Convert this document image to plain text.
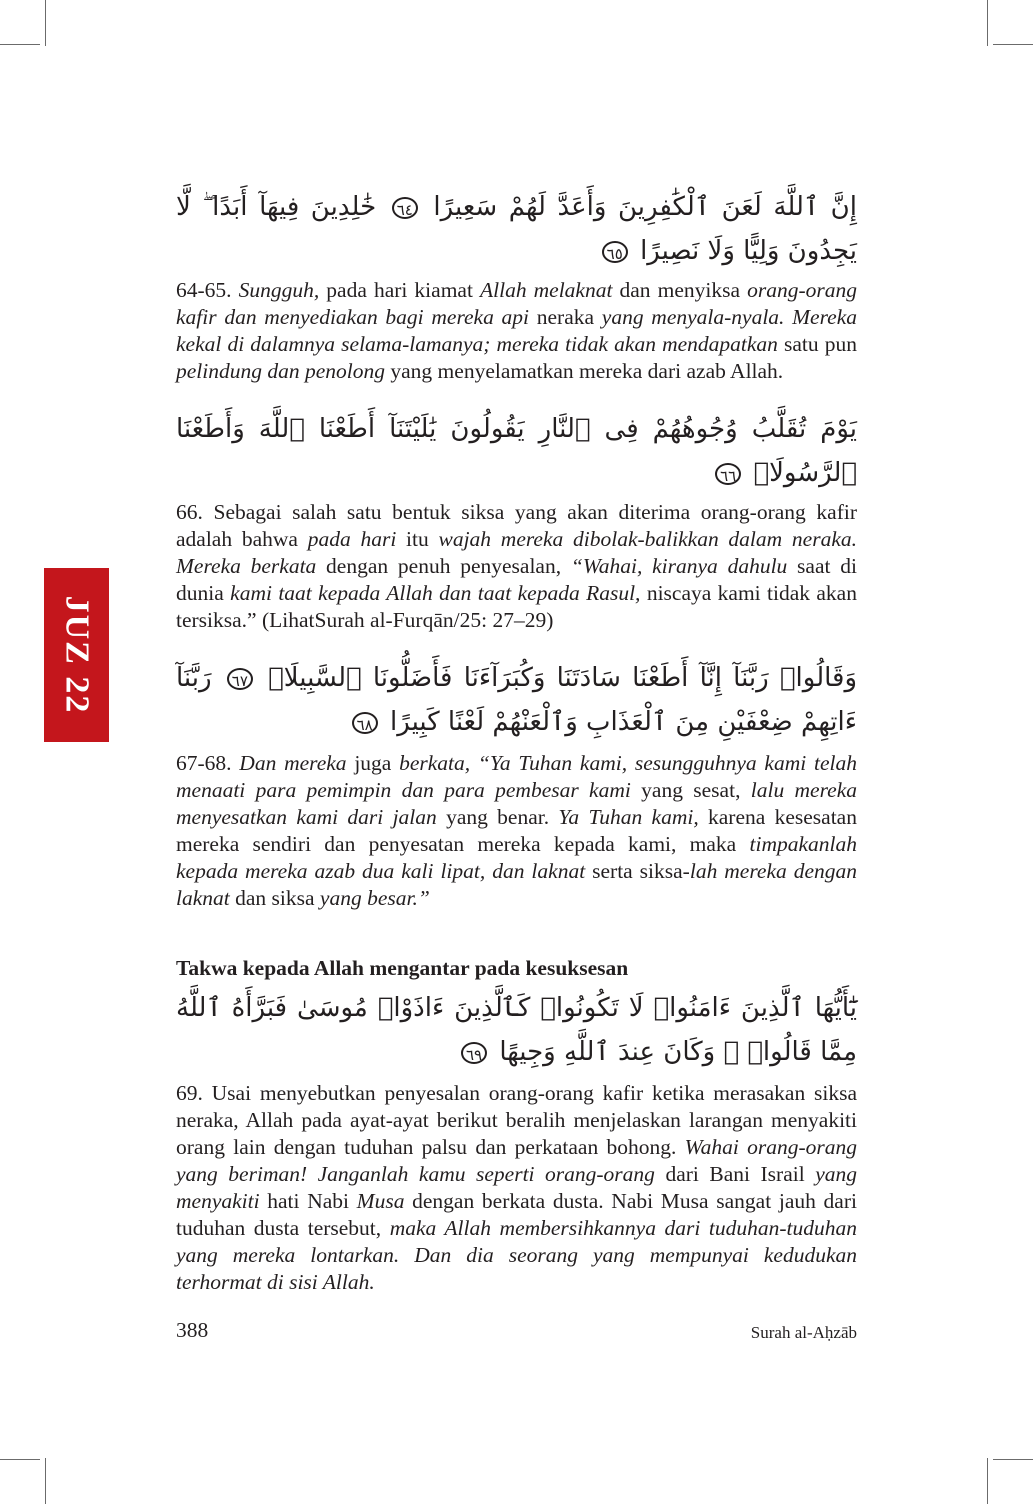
JUZ 22
إِنَّ ٱللَّهَ لَعَنَ ٱلْكَٰفِرِينَ وَأَعَدَّ لَهُمْ سَعِيرًا ٦٤ خَٰلِدِينَ فِيهَآ أَبَدًا ۖ لَّا يَجِدُونَ وَلِيًّا وَلَا نَصِيرًا ٦٥

64-65. Sungguh, pada hari kiamat Allah melaknat dan menyiksa orang-orang kafir dan menyediakan bagi mereka api neraka yang menyala-nyala. Mereka kekal di dalamnya selama-lamanya; mereka tidak akan mendapatkan satu pun pelindung dan penolong yang menyelamatkan mereka dari azab Allah.

يَوْمَ تُقَلَّبُ وُجُوهُهُمْ فِى ٱلنَّارِ يَقُولُونَ يَٰلَيْتَنَآ أَطَعْنَا ٱللَّهَ وَأَطَعْنَا ٱلرَّسُولَا۠ ٦٦

66. Sebagai salah satu bentuk siksa yang akan diterima orang-orang kafir adalah bahwa pada hari itu wajah mereka dibolak-balikkan dalam neraka. Mereka berkata dengan penuh penyesalan, “Wahai, kiranya dahulu saat di dunia kami taat kepada Allah dan taat kepada Rasul, niscaya kami tidak akan tersiksa.” (LihatSurah al-Furqān/25: 27–29)

وَقَالُوا۟ رَبَّنَآ إِنَّآ أَطَعْنَا سَادَتَنَا وَكُبَرَآءَنَا فَأَضَلُّونَا ٱلسَّبِيلَا۠ ٦٧ رَبَّنَآ ءَاتِهِمْ ضِعْفَيْنِ مِنَ ٱلْعَذَابِ وَٱلْعَنْهُمْ لَعْنًا كَبِيرًا ٦٨

67-68. Dan mereka juga berkata, “Ya Tuhan kami, sesungguhnya kami telah menaati para pemimpin dan para pembesar kami yang sesat, lalu mereka menyesatkan kami dari jalan yang benar. Ya Tuhan kami, karena kesesatan mereka sendiri dan penyesatan mereka kepada kami, maka timpakanlah kepada mereka azab dua kali lipat, dan laknat serta siksa-lah mereka dengan laknat dan siksa yang besar.”

Takwa kepada Allah mengantar pada kesuksesan
يَٰٓأَيُّهَا ٱلَّذِينَ ءَامَنُوا۟ لَا تَكُونُوا۟ كَٱلَّذِينَ ءَاذَوْا۟ مُوسَىٰ فَبَرَّأَهُ ٱللَّهُ مِمَّا قَالُوا۟ ۚ وَكَانَ عِندَ ٱللَّهِ وَجِيهًا ٦٩

69. Usai menyebutkan penyesalan orang-orang kafir ketika merasakan siksa neraka, Allah pada ayat-ayat berikut beralih menjelaskan larangan menyakiti orang lain dengan tuduhan palsu dan perkataan bohong. Wahai orang-orang yang beriman! Janganlah kamu seperti orang-orang dari Bani Israil yang menyakiti hati Nabi Musa dengan berkata dusta. Nabi Musa sangat jauh dari tuduhan dusta tersebut, maka Allah membersihkannya dari tuduhan-tuduhan yang mereka lontarkan. Dan dia seorang yang mempunyai kedudukan terhormat di sisi Allah.

388	Surah al-Aḥzāb
